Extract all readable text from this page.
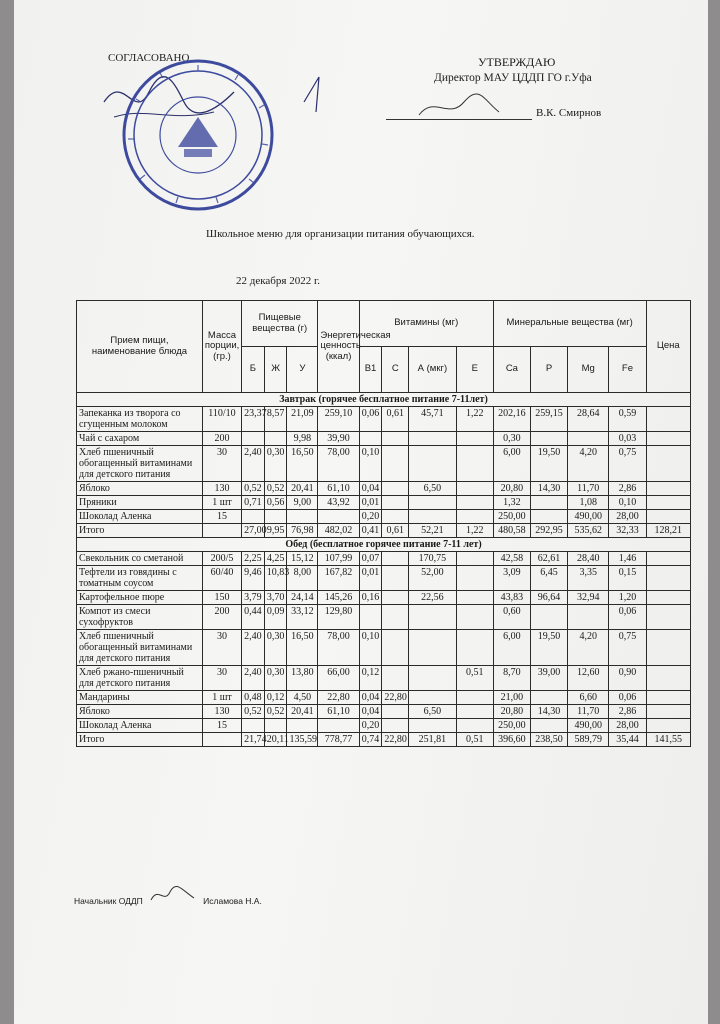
СОГЛАСОВАНО	УТВЕРЖДАЮ
Директор МАУ ЦДДП ГО г.Уфа
В.К. Смирнов
Школьное меню для организации питания обучающихся.
22 декабря 2022 г.
Прием пищи, наименование блюда	Масса порции, (гр.)	Пищевые вещества (г)			Энергетическая ценность (ккал)	Витамины (мг)				Минеральные вещества (мг)				Цена
		Б	Ж	У		В1	С	А (мкг)	Е	Ca	P	Mg	Fe	
Завтрак (горячее бесплатное питание 7-11лет)														
Запеканка из творога со сгущенным молоком	110/10	23,37	8,57	21,09	259,10	0,06	0,61	45,71	1,22	202,16	259,15	28,64	0,59	
Чай с сахаром	200			9,98	39,90					0,30			0,03	
Хлеб пшеничный обогащенный витаминами для детского питания	30	2,40	0,30	16,50	78,00	0,10				6,00	19,50	4,20	0,75	
Яблоко	130	0,52	0,52	20,41	61,10	0,04		6,50		20,80	14,30	11,70	2,86	
Пряники	1 шт	0,71	0,56	9,00	43,92	0,01				1,32		1,08	0,10	
Шоколад Аленка	15					0,20				250,00		490,00	28,00	
Итого		27,00	9,95	76,98	482,02	0,41	0,61	52,21	1,22	480,58	292,95	535,62	32,33	128,21
Обед (бесплатное горячее питание 7-11 лет)														
Свекольник со сметаной	200/5	2,25	4,25	15,12	107,99	0,07		170,75		42,58	62,61	28,40	1,46	
Тефтели из говядины с томатным соусом	60/40	9,46	10,83	8,00	167,82	0,01		52,00		3,09	6,45	3,35	0,15	
Картофельное пюре	150	3,79	3,70	24,14	145,26	0,16		22,56		43,83	96,64	32,94	1,20	
Компот из смеси сухофруктов	200	0,44	0,09	33,12	129,80					0,60			0,06	
Хлеб пшеничный обогащенный витаминами для детского питания	30	2,40	0,30	16,50	78,00	0,10				6,00	19,50	4,20	0,75	
Хлеб ржано-пшеничный для детского питания	30	2,40	0,30	13,80	66,00	0,12			0,51	8,70	39,00	12,60	0,90	
Мандарины	1 шт	0,48	0,12	4,50	22,80	0,04	22,80			21,00		6,60	0,06	
Яблоко	130	0,52	0,52	20,41	61,10	0,04		6,50		20,80	14,30	11,70	2,86	
Шоколад Аленка	15					0,20				250,00		490,00	28,00	
Итого		21,74	20,11	135,59	778,77	0,74	22,80	251,81	0,51	396,60	238,50	589,79	35,44	141,55
Начальник ОДДП	Исламова Н.А.
